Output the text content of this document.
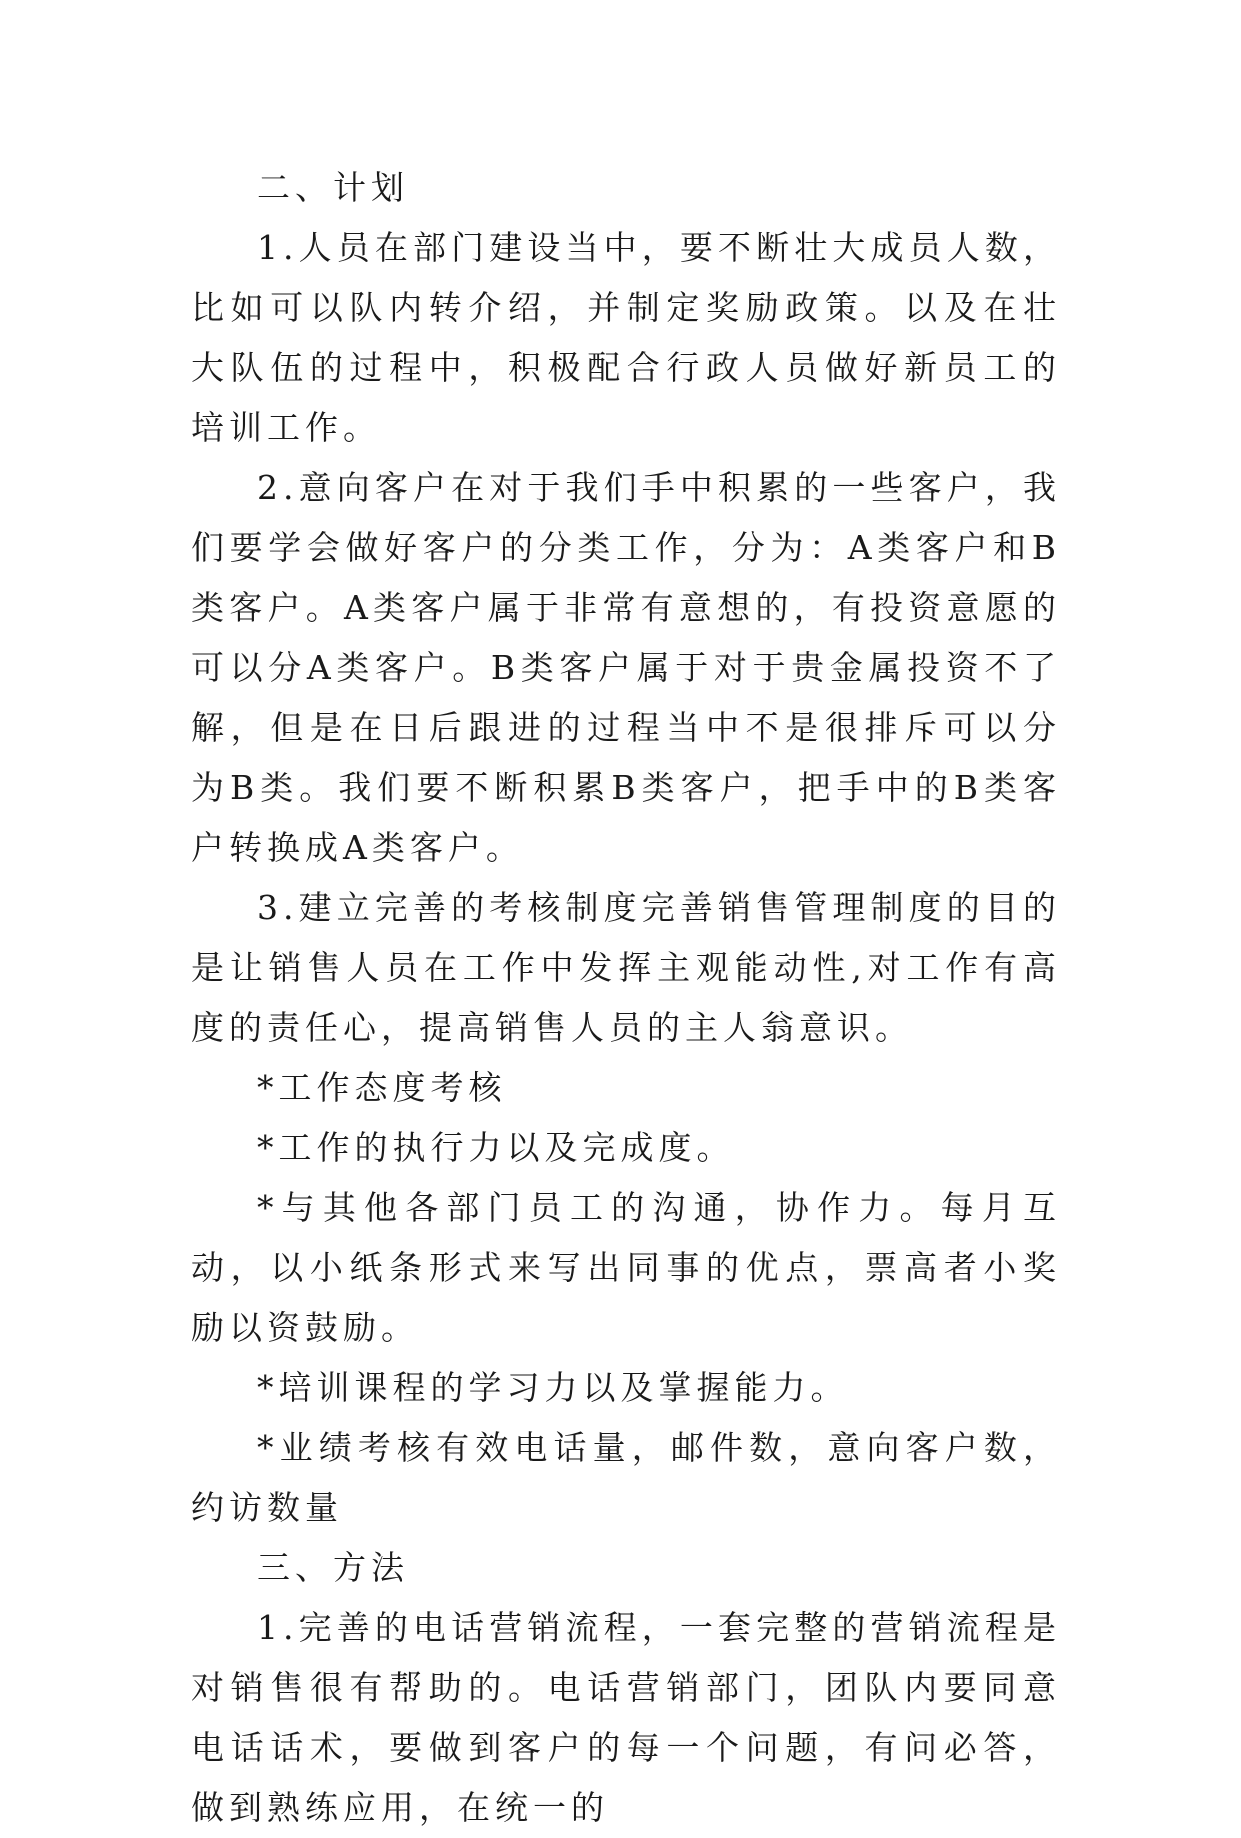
二、计划

1.人员在部门建设当中，要不断壮大成员人数，比如可以队内转介绍，并制定奖励政策。以及在壮大队伍的过程中，积极配合行政人员做好新员工的培训工作。

2.意向客户在对于我们手中积累的一些客户，我们要学会做好客户的分类工作，分为：A类客户和B类客户。A类客户属于非常有意想的，有投资意愿的可以分A类客户。B类客户属于对于贵金属投资不了解，但是在日后跟进的过程当中不是很排斥可以分为B类。我们要不断积累B类客户，把手中的B类客户转换成A类客户。

3.建立完善的考核制度完善销售管理制度的目的是让销售人员在工作中发挥主观能动性,对工作有高度的责任心，提高销售人员的主人翁意识。

*工作态度考核

*工作的执行力以及完成度。

*与其他各部门员工的沟通，协作力。每月互动，以小纸条形式来写出同事的优点，票高者小奖励以资鼓励。

*培训课程的学习力以及掌握能力。

*业绩考核有效电话量，邮件数，意向客户数，约访数量

三、方法

1.完善的电话营销流程，一套完整的营销流程是对销售很有帮助的。电话营销部门，团队内要同意电话话术，要做到客户的每一个问题，有问必答，做到熟练应用，在统一的
